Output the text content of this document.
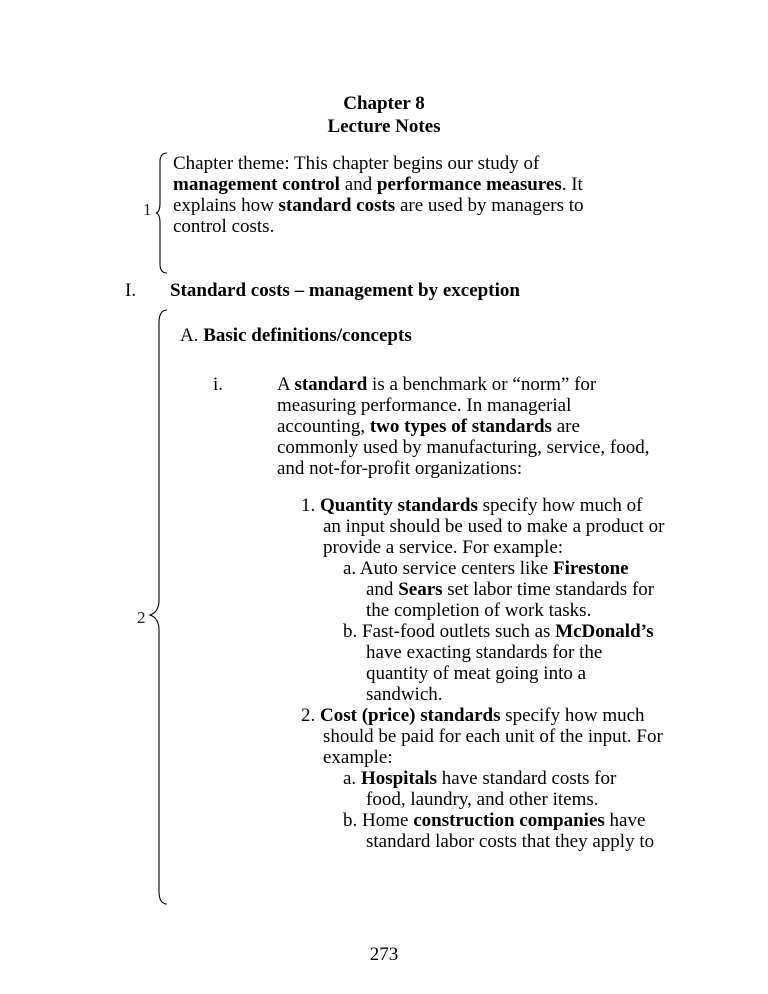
Chapter 8
Lecture Notes
1
Chapter theme: This chapter begins our study of
management control and performance measures. It
explains how standard costs are used by managers to
control costs.
I. Standard costs – management by exception
2
A. Basic definitions/concepts
i.	A standard is a benchmark or “norm” for
measuring performance. In managerial
accounting, two types of standards are
commonly used by manufacturing, service, food,
and not-for-profit organizations:
1. Quantity standards specify how much of
an input should be used to make a product or
provide a service. For example:
a. Auto service centers like Firestone
and Sears set labor time standards for
the completion of work tasks.
b. Fast-food outlets such as McDonald’s
have exacting standards for the
quantity of meat going into a
sandwich.
2. Cost (price) standards specify how much
should be paid for each unit of the input. For
example:
a. Hospitals have standard costs for
food, laundry, and other items.
b. Home construction companies have
standard labor costs that they apply to
273
